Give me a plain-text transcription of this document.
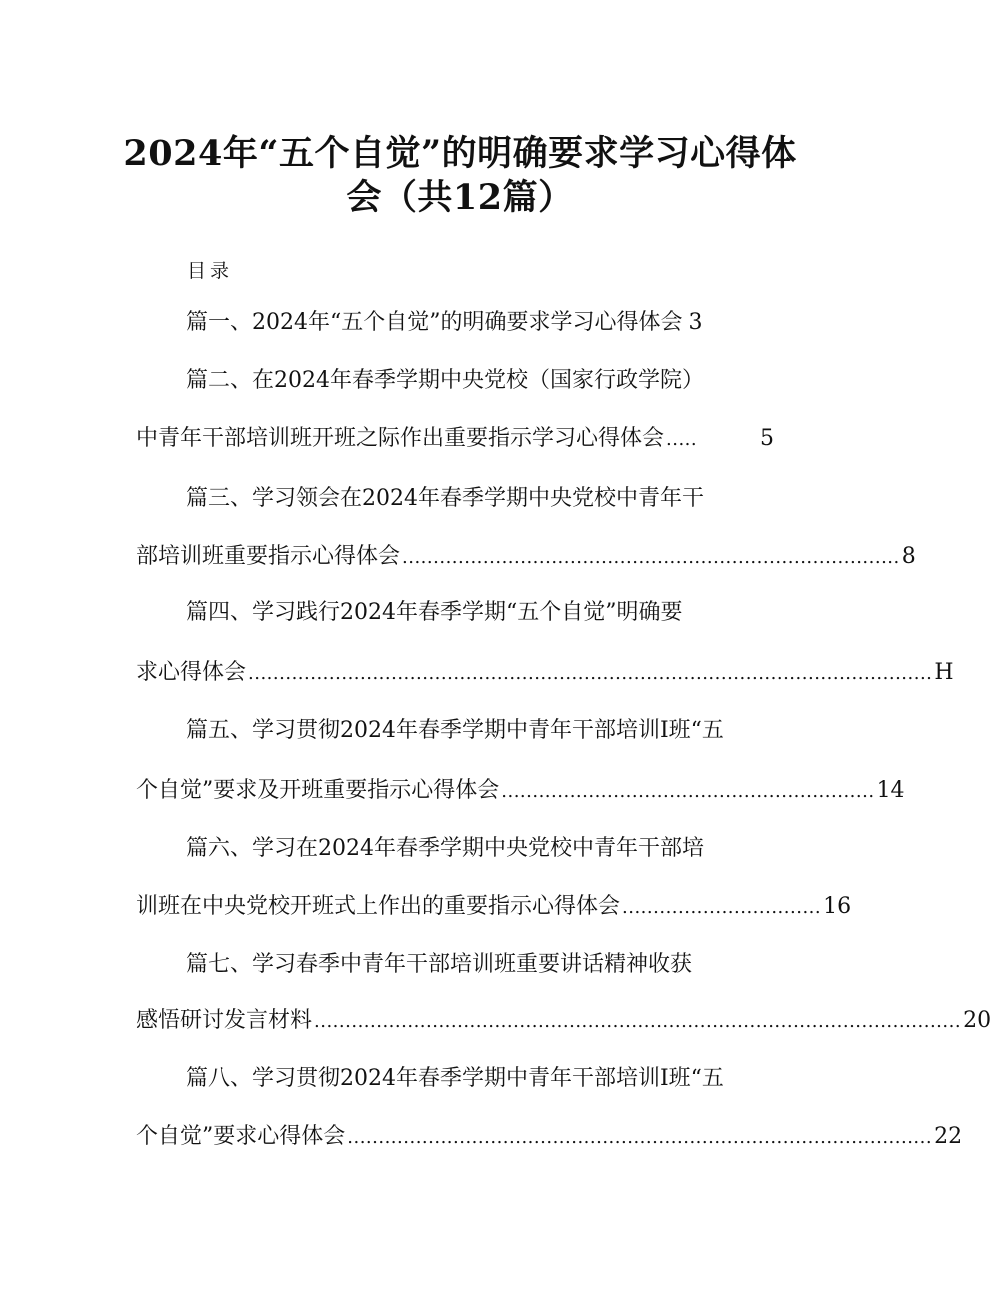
2024年“五个自觉”的明确要求学习心得体
会（共12篇）
目录
篇一、2024年“五个自觉”的明确要求学习心得体会 3
篇二、在2024年春季学期中央党校（国家行政学院）
中青年干部培训班开班之际作出重要指示学习心得体会 .....	5
篇三、学习领会在2024年春季学期中央党校中青年干
部培训班重要指示心得体会 ................................................................................ 8
篇四、学习践行2024年春季学期“五个自觉”明确要
求心得体会 .............................................................................................................. H
篇五、学习贯彻2024年春季学期中青年干部培训I班“五
个自觉”要求及开班重要指示心得体会 ............................................................ 14
篇六、学习在2024年春季学期中央党校中青年干部培
训班在中央党校开班式上作出的重要指示心得体会 ................................ 16
篇七、学习春季中青年干部培训班重要讲话精神收获
感悟研讨发言材料 ........................................................................................................ 20
篇八、学习贯彻2024年春季学期中青年干部培训I班“五
个自觉”要求心得体会 .............................................................................................. 22
